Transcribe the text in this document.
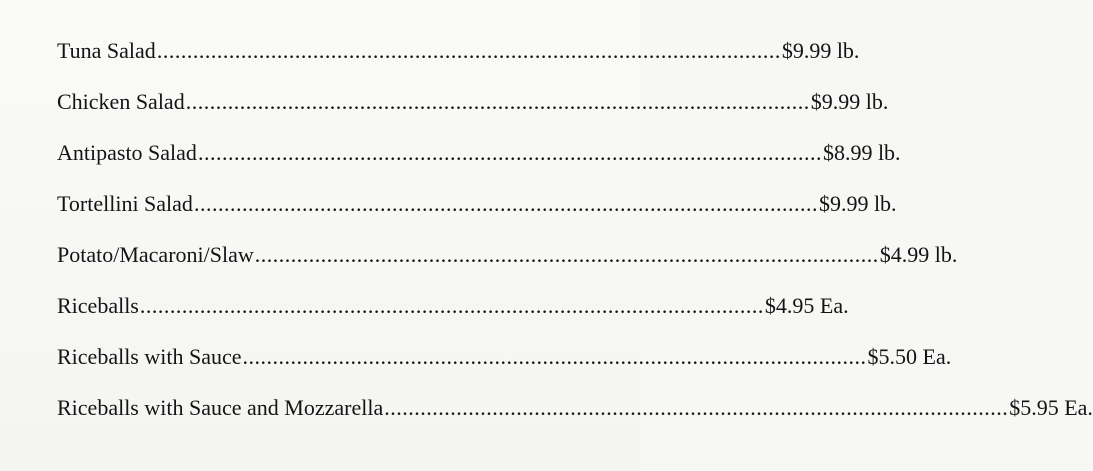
Tuna Salad ........................................................................................................ $9.99 lb.
Chicken Salad ........................................................................................................ $9.99 lb.
Antipasto Salad ........................................................................................................ $8.99 lb.
Tortellini Salad ........................................................................................................ $9.99 lb.
Potato/Macaroni/Slaw ........................................................................................................ $4.99 lb.
Riceballs ........................................................................................................ $4.95 Ea.
Riceballs with Sauce ........................................................................................................ $5.50 Ea.
Riceballs with Sauce and Mozzarella ........................................................................................................ $5.95 Ea.
